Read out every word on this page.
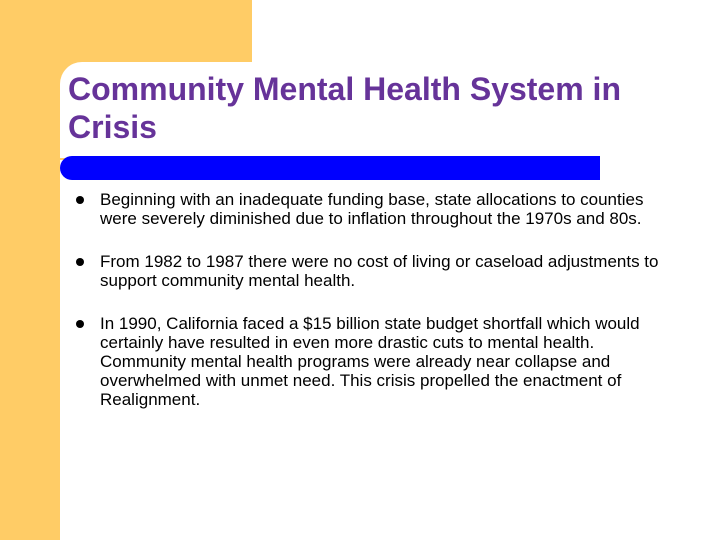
Community Mental Health System in Crisis
Beginning with an inadequate funding base, state allocations to counties were severely diminished due to inflation throughout the 1970s and 80s.
From 1982 to 1987 there were no cost of living or caseload adjustments to support community mental health.
In 1990, California faced a $15 billion state budget shortfall which would certainly have resulted in even more drastic cuts to mental health. Community mental health programs were already near collapse and overwhelmed with unmet need. This crisis propelled the enactment of Realignment.
